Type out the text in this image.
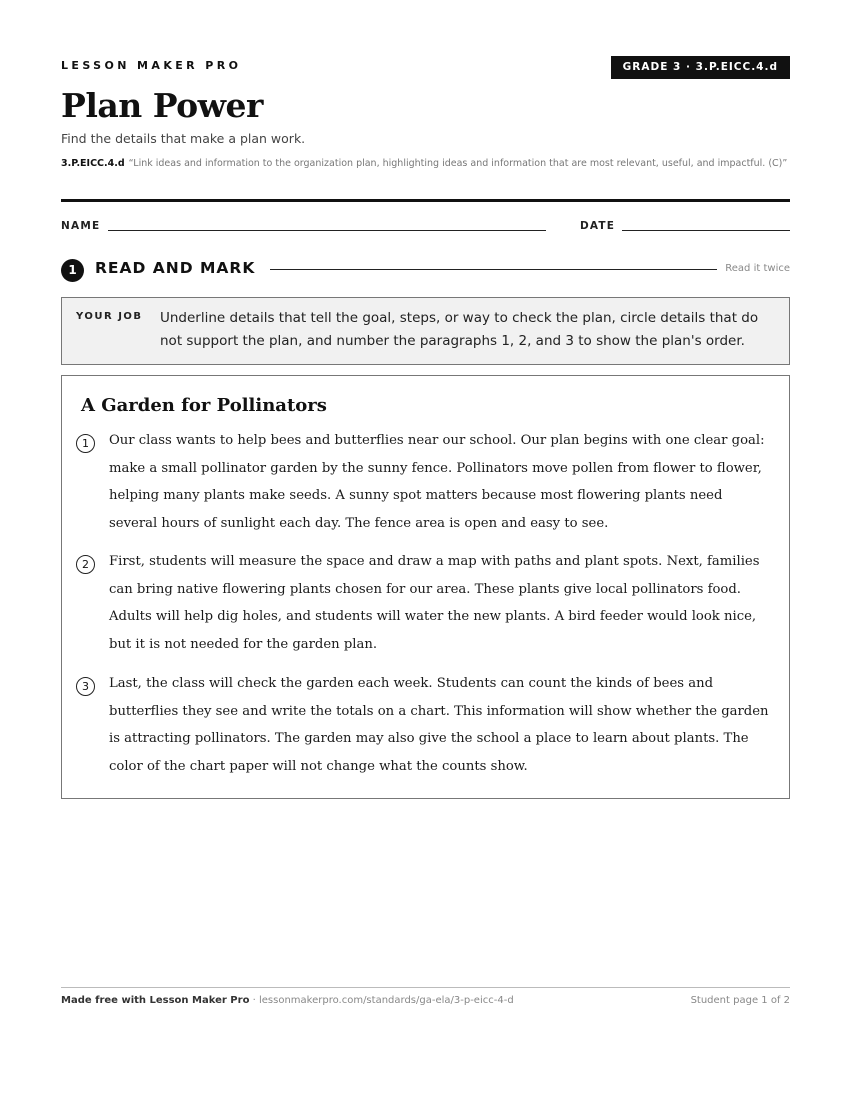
LESSON MAKER PRO	GRADE 3 · 3.P.EICC.4.d
Plan Power
Find the details that make a plan work.
3.P.EICC.4.d “Link ideas and information to the organization plan, highlighting ideas and information that are most relevant, useful, and impactful. (C)”
NAME	DATE
1	READ AND MARK	Read it twice
YOUR JOB Underline details that tell the goal, steps, or way to check the plan, circle details that do not support the plan, and number the paragraphs 1, 2, and 3 to show the plan's order.
A Garden for Pollinators
1	Our class wants to help bees and butterflies near our school. Our plan begins with one clear goal: make a small pollinator garden by the sunny fence. Pollinators move pollen from flower to flower, helping many plants make seeds. A sunny spot matters because most flowering plants need several hours of sunlight each day. The fence area is open and easy to see.
2	First, students will measure the space and draw a map with paths and plant spots. Next, families can bring native flowering plants chosen for our area. These plants give local pollinators food. Adults will help dig holes, and students will water the new plants. A bird feeder would look nice, but it is not needed for the garden plan.
3	Last, the class will check the garden each week. Students can count the kinds of bees and butterflies they see and write the totals on a chart. This information will show whether the garden is attracting pollinators. The garden may also give the school a place to learn about plants. The color of the chart paper will not change what the counts show.
Made free with Lesson Maker Pro · lessonmakerpro.com/standards/ga-ela/3-p-eicc-4-d	Student page 1 of 2
